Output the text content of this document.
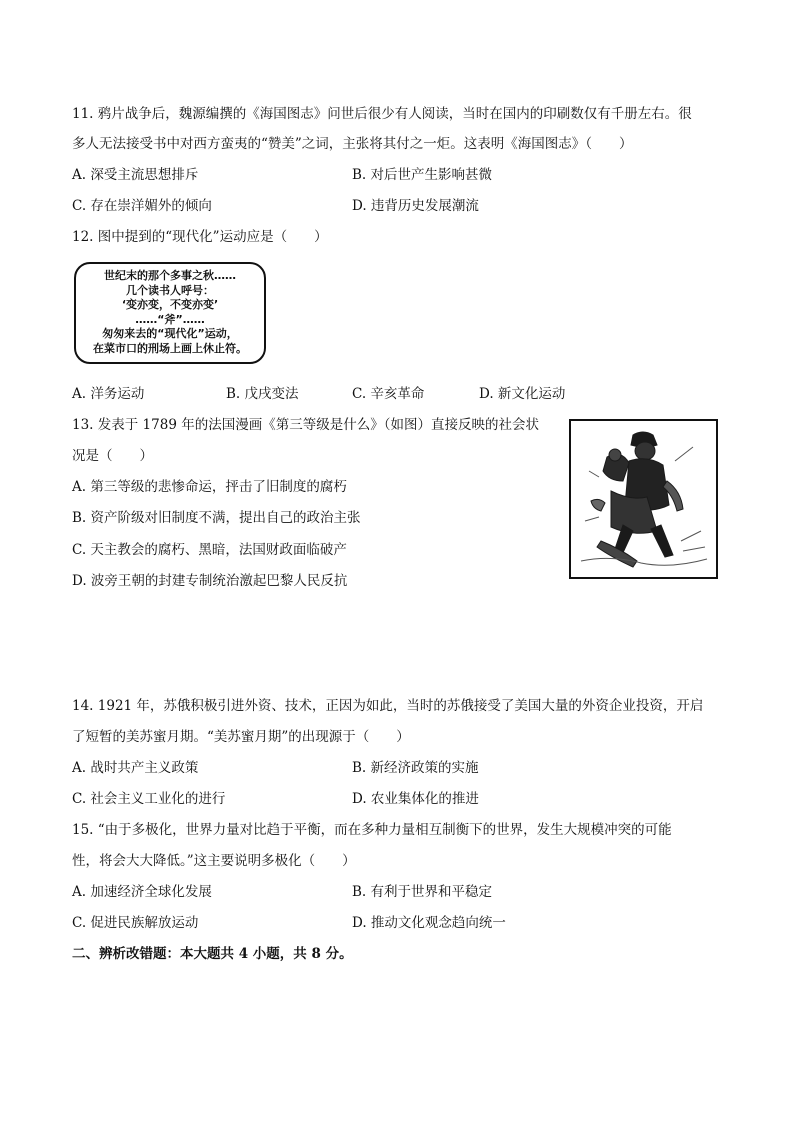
11. 鸦片战争后，魏源编撰的《海国图志》问世后很少有人阅读，当时在国内的印刷数仅有千册左右。很
多人无法接受书中对西方蛮夷的“赞美”之词，主张将其付之一炬。这表明《海国图志》（　　）
A. 深受主流思想排斥	B. 对后世产生影响甚微
C. 存在崇洋媚外的倾向	D. 违背历史发展潮流
12. 图中提到的“现代化”运动应是（　　）
世纪末的那个多事之秋……
几个读书人呼号：
‘变亦变，不变亦变’
……“斧”……
匆匆来去的“现代化”运动，
在菜市口的刑场上画上休止符。
A. 洋务运动	B. 戊戌变法	C. 辛亥革命	D. 新文化运动
13. 发表于 1789 年的法国漫画《第三等级是什么》（如图）直接反映的社会状
况是（　　）
A. 第三等级的悲惨命运，抨击了旧制度的腐朽
B. 资产阶级对旧制度不满，提出自己的政治主张
C. 天主教会的腐朽、黑暗，法国财政面临破产
D. 波旁王朝的封建专制统治激起巴黎人民反抗
14. 1921 年，苏俄积极引进外资、技术，正因为如此，当时的苏俄接受了美国大量的外资企业投资，开启
了短暂的美苏蜜月期。“美苏蜜月期”的出现源于（　　）
A. 战时共产主义政策	B. 新经济政策的实施
C. 社会主义工业化的进行	D. 农业集体化的推进
15. “由于多极化，世界力量对比趋于平衡，而在多种力量相互制衡下的世界，发生大规模冲突的可能
性，将会大大降低。”这主要说明多极化（　　）
A. 加速经济全球化发展	B. 有利于世界和平稳定
C. 促进民族解放运动	D. 推动文化观念趋向统一
二、辨析改错题：本大题共 4 小题，共 8 分。
